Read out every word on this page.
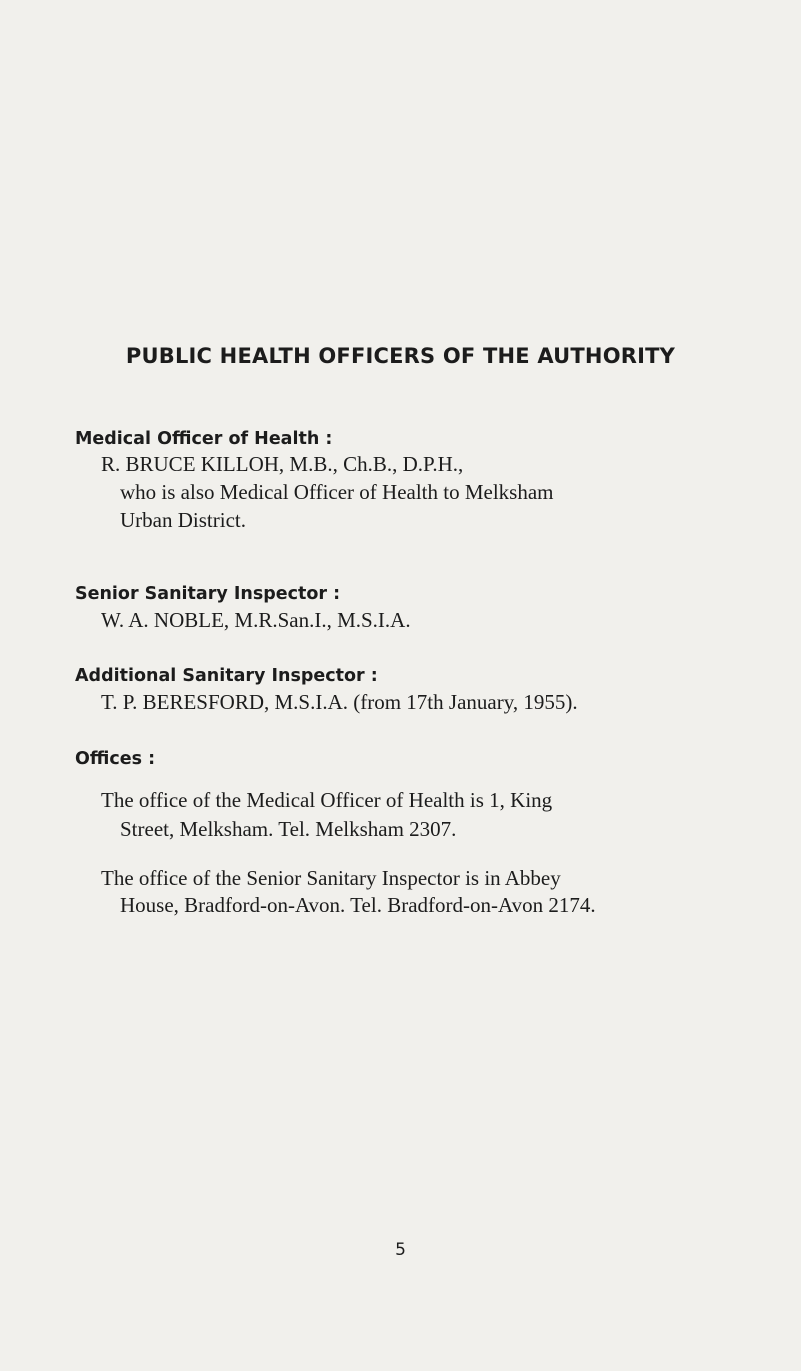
PUBLIC HEALTH OFFICERS OF THE AUTHORITY
Medical Officer of Health :

R. BRUCE KILLOH, M.B., Ch.B., D.P.H.,

who is also Medical Officer of Health to Melksham

Urban District.

Senior Sanitary Inspector :

W. A. NOBLE, M.R.San.I., M.S.I.A.

Additional Sanitary Inspector :

T. P. BERESFORD, M.S.I.A. (from 17th January, 1955).

Offices :

The office of the Medical Officer of Health is 1, King

Street, Melksham. Tel. Melksham 2307.

The office of the Senior Sanitary Inspector is in Abbey

House, Bradford-on-Avon. Tel. Bradford-on-Avon 2174.

5
